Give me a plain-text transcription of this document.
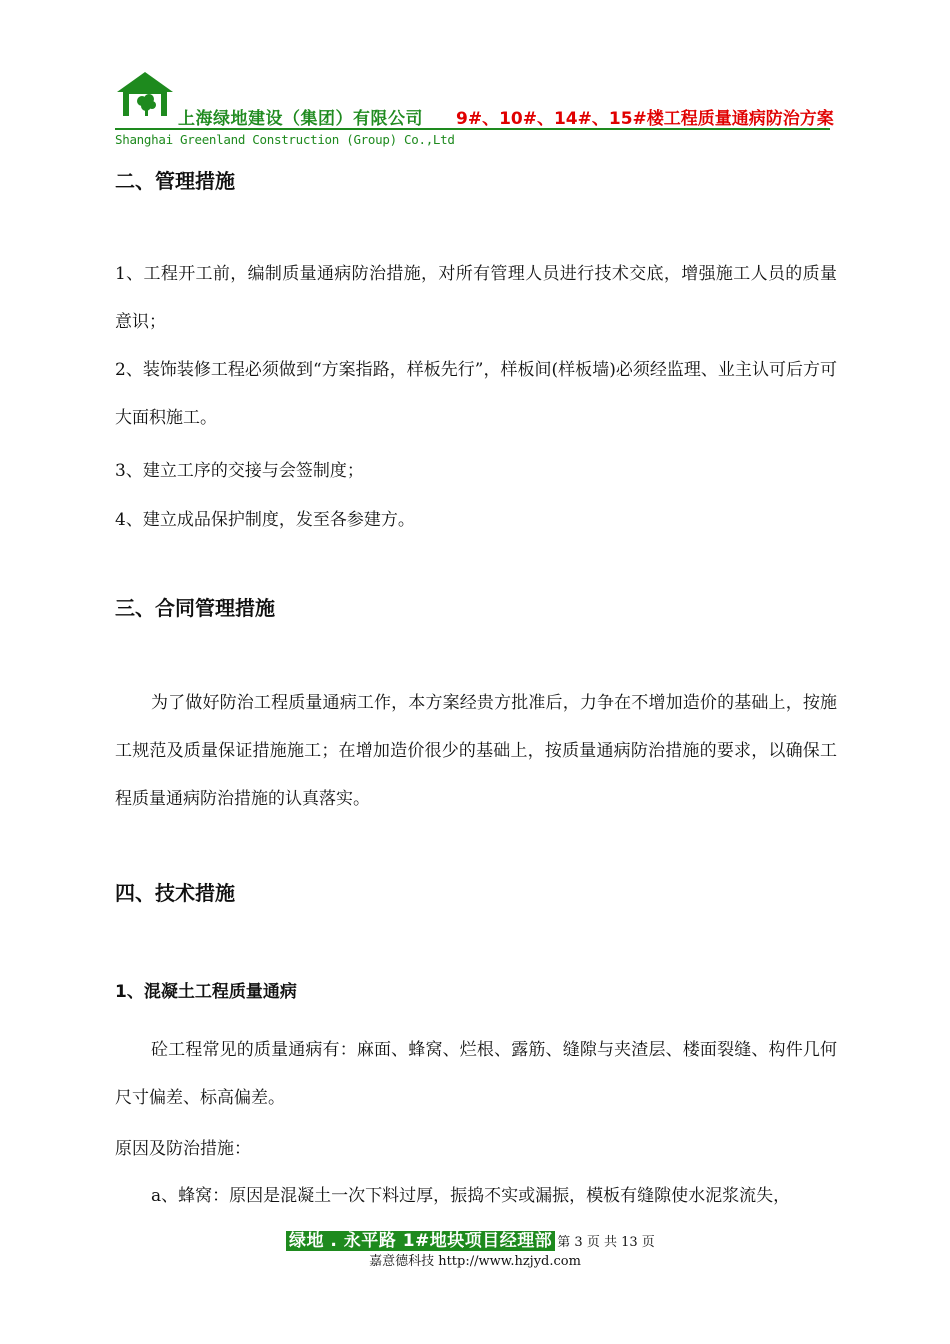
上海绿地建设（集团）有限公司 9#、10#、14#、15#楼工程质量通病防治方案
Shanghai Greenland Construction (Group) Co.,Ltd
二、管理措施
1、工程开工前，编制质量通病防治措施，对所有管理人员进行技术交底，增强施工人员的质量意识；
2、装饰装修工程必须做到“方案指路，样板先行”，样板间(样板墙)必须经监理、业主认可后方可大面积施工。
3、建立工序的交接与会签制度；
4、建立成品保护制度，发至各参建方。
三、合同管理措施
为了做好防治工程质量通病工作，本方案经贵方批准后，力争在不增加造价的基础上，按施工规范及质量保证措施施工；在增加造价很少的基础上，按质量通病防治措施的要求，以确保工程质量通病防治措施的认真落实。
四、技术措施
1、混凝土工程质量通病
砼工程常见的质量通病有：麻面、蜂窝、烂根、露筋、缝隙与夹渣层、楼面裂缝、构件几何尺寸偏差、标高偏差。
原因及防治措施：
a、蜂窝：原因是混凝土一次下料过厚，振捣不实或漏振，模板有缝隙使水泥浆流失，
绿地 . 永平路 1#地块项目经理部 第 3 页 共 13 页
嘉意德科技 http://www.hzjyd.com
